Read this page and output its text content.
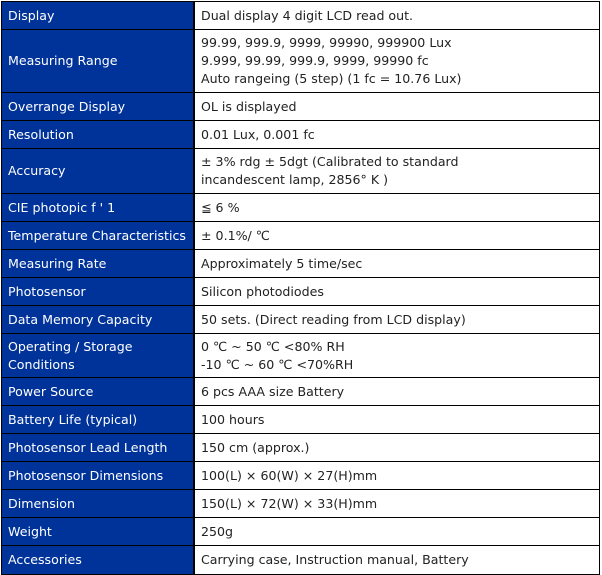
Display	Dual display 4 digit LCD read out.

Measuring Range	99.99, 999.9, 9999, 99990, 999900 Lux
9.999, 99.99, 999.9, 9999, 99990 fc
Auto rangeing (5 step) (1 fc = 10.76 Lux)

Overrange Display	OL is displayed

Resolution	0.01 Lux, 0.001 fc

Accuracy	± 3% rdg ± 5dgt (Calibrated to standard
incandescent lamp, 2856° K )

CIE photopic f ' 1	≦ 6 %

Temperature Characteristics	± 0.1%/ ℃

Measuring Rate	Approximately 5 time/sec

Photosensor	Silicon photodiodes

Data Memory Capacity	50 sets. (Direct reading from LCD display)

Operating / Storage
Conditions	0 ℃ ~ 50 ℃ <80% RH
-10 ℃ ~ 60 ℃ <70%RH

Power Source	6 pcs AAA size Battery

Battery Life (typical)	100 hours

Photosensor Lead Length	150 cm (approx.)

Photosensor Dimensions	100(L) × 60(W) × 27(H)mm

Dimension	150(L) × 72(W) × 33(H)mm

Weight	250g

Accessories	Carrying case, Instruction manual, Battery
